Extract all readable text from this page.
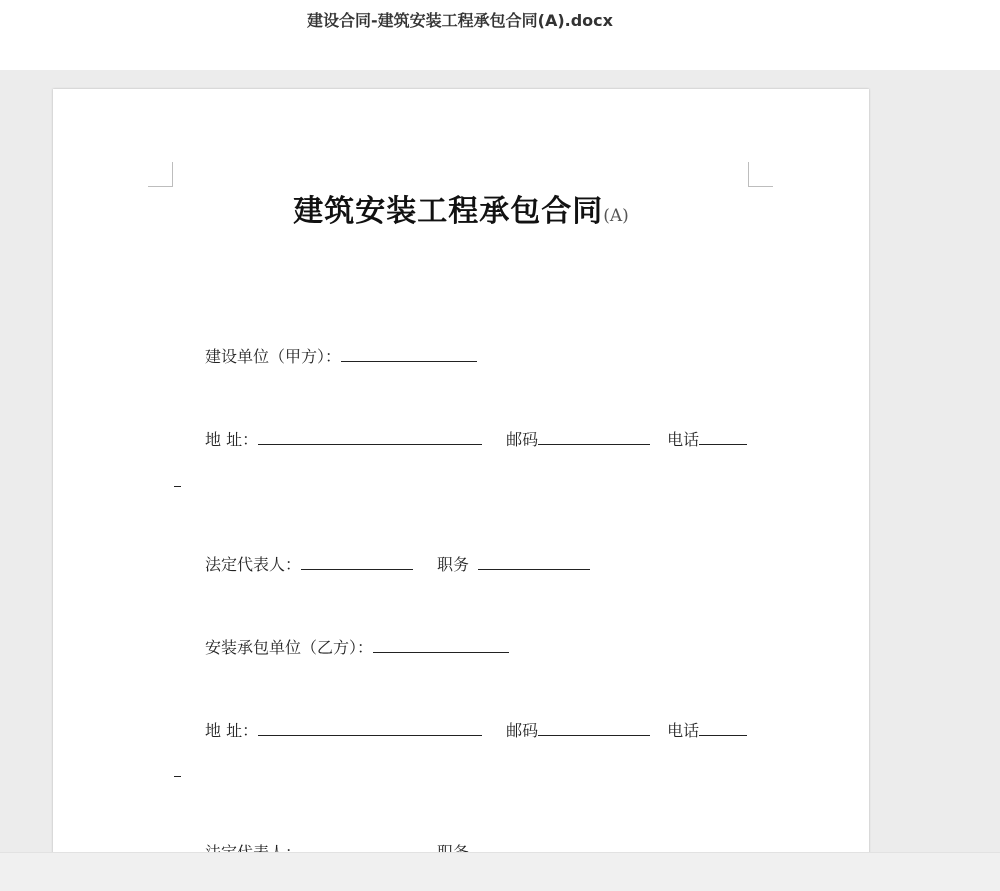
建设合同-建筑安装工程承包合同(A).docx
建筑安装工程承包合同(A)
建设单位（甲方）：
地 址：	邮码	电话
法定代表人：	职务
安装承包单位（乙方）：
地 址：	邮码	电话
